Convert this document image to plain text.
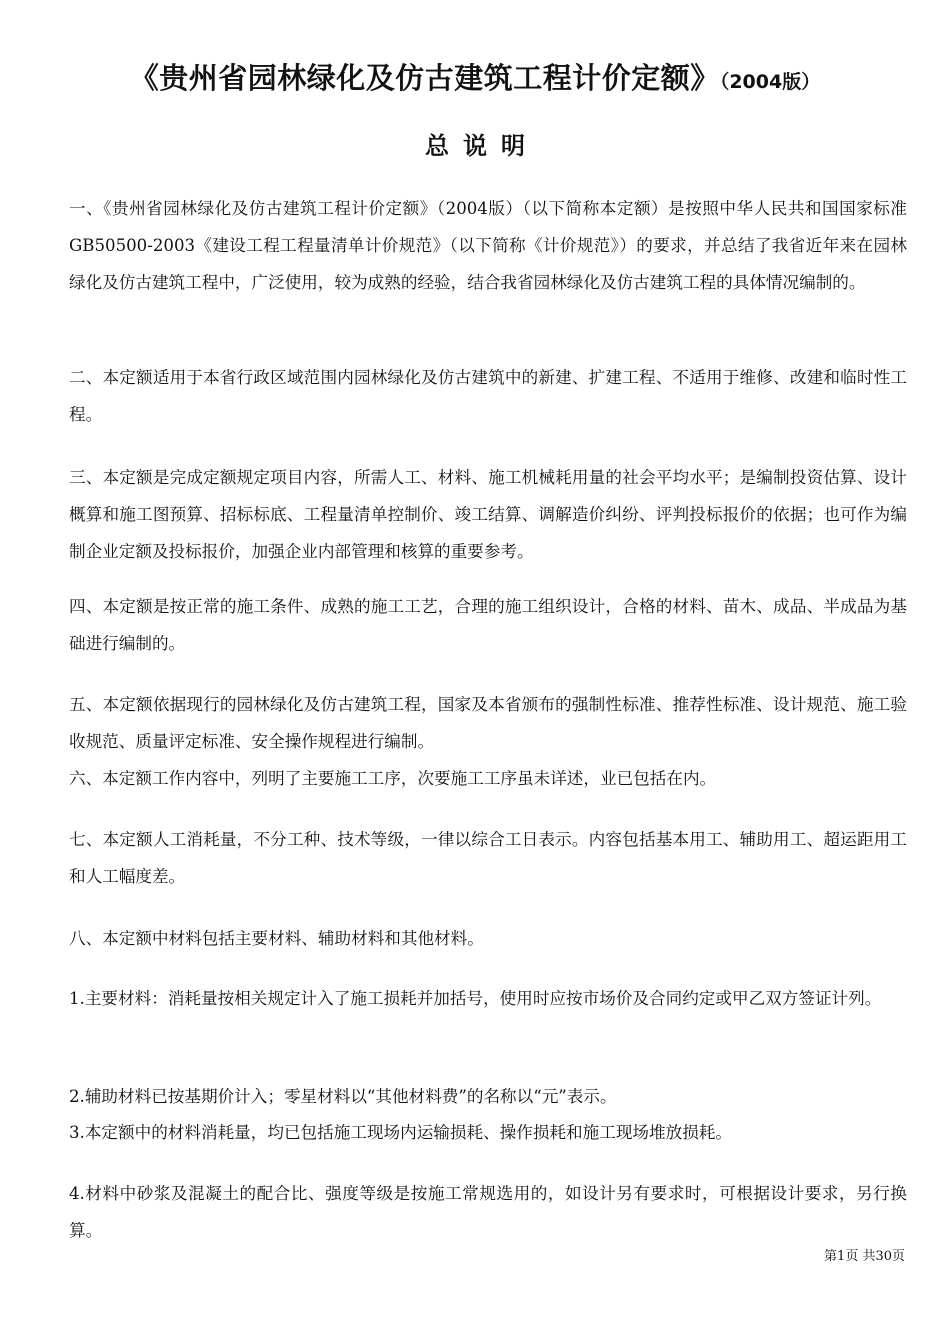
《贵州省园林绿化及仿古建筑工程计价定额》（2004版）
总说明

一、《贵州省园林绿化及仿古建筑工程计价定额》（2004版）（以下简称本定额）是按照中华人民共和国国家标准GB50500-2003《建设工程工程量清单计价规范》（以下简称《计价规范》）的要求，并总结了我省近年来在园林绿化及仿古建筑工程中，广泛使用，较为成熟的经验，结合我省园林绿化及仿古建筑工程的具体情况编制的。

二、本定额适用于本省行政区域范围内园林绿化及仿古建筑中的新建、扩建工程、不适用于维修、改建和临时性工程。

三、本定额是完成定额规定项目内容，所需人工、材料、施工机械耗用量的社会平均水平；是编制投资估算、设计概算和施工图预算、招标标底、工程量清单控制价、竣工结算、调解造价纠纷、评判投标报价的依据；也可作为编制企业定额及投标报价，加强企业内部管理和核算的重要参考。

四、本定额是按正常的施工条件、成熟的施工工艺，合理的施工组织设计，合格的材料、苗木、成品、半成品为基础进行编制的。

五、本定额依据现行的园林绿化及仿古建筑工程，国家及本省颁布的强制性标准、推荐性标准、设计规范、施工验收规范、质量评定标准、安全操作规程进行编制。

六、本定额工作内容中，列明了主要施工工序，次要施工工序虽未详述，业已包括在内。

七、本定额人工消耗量，不分工种、技术等级，一律以综合工日表示。内容包括基本用工、辅助用工、超运距用工和人工幅度差。

八、本定额中材料包括主要材料、辅助材料和其他材料。

1.主要材料：消耗量按相关规定计入了施工损耗并加括号，使用时应按市场价及合同约定或甲乙双方签证计列。

2.辅助材料已按基期价计入；零星材料以“其他材料费”的名称以“元”表示。

3.本定额中的材料消耗量，均已包括施工现场内运输损耗、操作损耗和施工现场堆放损耗。

4.材料中砂浆及混凝土的配合比、强度等级是按施工常规选用的，如设计另有要求时，可根据设计要求，另行换算。

第1页 共30页
